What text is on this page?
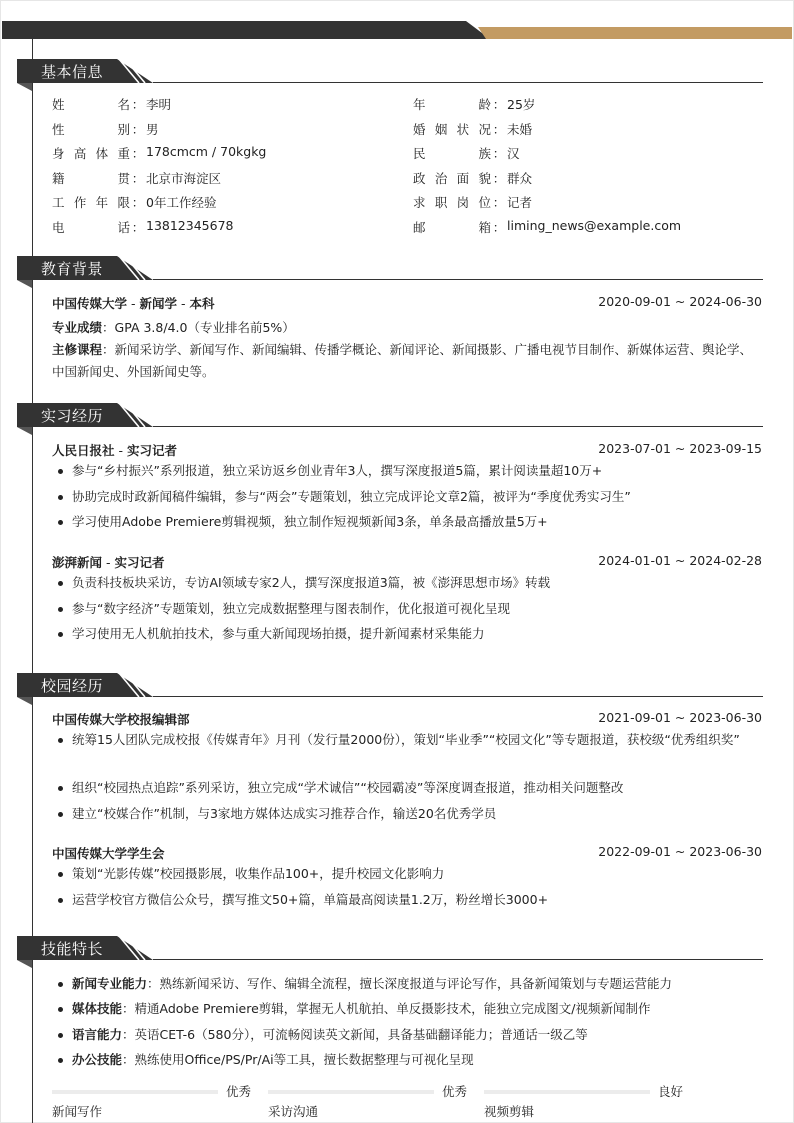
基本信息
姓	名 ： 李明
性	别 ： 男
身 高 体 重 ： 178cmcm / 70kgkg
籍	贯 ： 北京市海淀区
工 作 年 限 ： 0年工作经验
电	话 ： 13812345678
年	龄 ： 25岁
婚 姻 状 况 ： 未婚
民	族 ： 汉
政 治 面 貌 ： 群众
求 职 岗 位 ： 记者
邮	箱 ： liming_news@example.com
教育背景
中国传媒大学 - 新闻学 - 本科	2020-09-01 ~ 2024-06-30
专业成绩：GPA 3.8/4.0（专业排名前5%）
主修课程：新闻采访学、新闻写作、新闻编辑、传播学概论、新闻评论、新闻摄影、广播电视节目制作、新媒体运营、舆论学、中国新闻史、外国新闻史等。
实习经历
人民日报社 - 实习记者	2023-07-01 ~ 2023-09-15
参与“乡村振兴”系列报道，独立采访返乡创业青年3人，撰写深度报道5篇，累计阅读量超10万+
协助完成时政新闻稿件编辑，参与“两会”专题策划，独立完成评论文章2篇，被评为“季度优秀实习生”
学习使用Adobe Premiere剪辑视频，独立制作短视频新闻3条，单条最高播放量5万+
澎湃新闻 - 实习记者	2024-01-01 ~ 2024-02-28
负责科技板块采访，专访AI领域专家2人，撰写深度报道3篇，被《澎湃思想市场》转载
参与“数字经济”专题策划，独立完成数据整理与图表制作，优化报道可视化呈现
学习使用无人机航拍技术，参与重大新闻现场拍摄，提升新闻素材采集能力
校园经历
中国传媒大学校报编辑部	2021-09-01 ~ 2023-06-30
统筹15人团队完成校报《传媒青年》月刊（发行量2000份），策划“毕业季”“校园文化”等专题报道，获校级“优秀组织奖”
组织“校园热点追踪”系列采访，独立完成“学术诚信”“校园霸凌”等深度调查报道，推动相关问题整改
建立“校媒合作”机制，与3家地方媒体达成实习推荐合作，输送20名优秀学员
中国传媒大学学生会	2022-09-01 ~ 2023-06-30
策划“光影传媒”校园摄影展，收集作品100+，提升校园文化影响力
运营学校官方微信公众号，撰写推文50+篇，单篇最高阅读量1.2万，粉丝增长3000+
技能特长
新闻专业能力：熟练新闻采访、写作、编辑全流程，擅长深度报道与评论写作，具备新闻策划与专题运营能力
媒体技能：精通Adobe Premiere剪辑，掌握无人机航拍、单反摄影技术，能独立完成图文/视频新闻制作
语言能力：英语CET-6（580分），可流畅阅读英文新闻，具备基础翻译能力；普通话一级乙等
办公技能：熟练使用Office/PS/Pr/Ai等工具，擅长数据整理与可视化呈现
优秀
新闻写作
优秀
采访沟通
良好
视频剪辑
